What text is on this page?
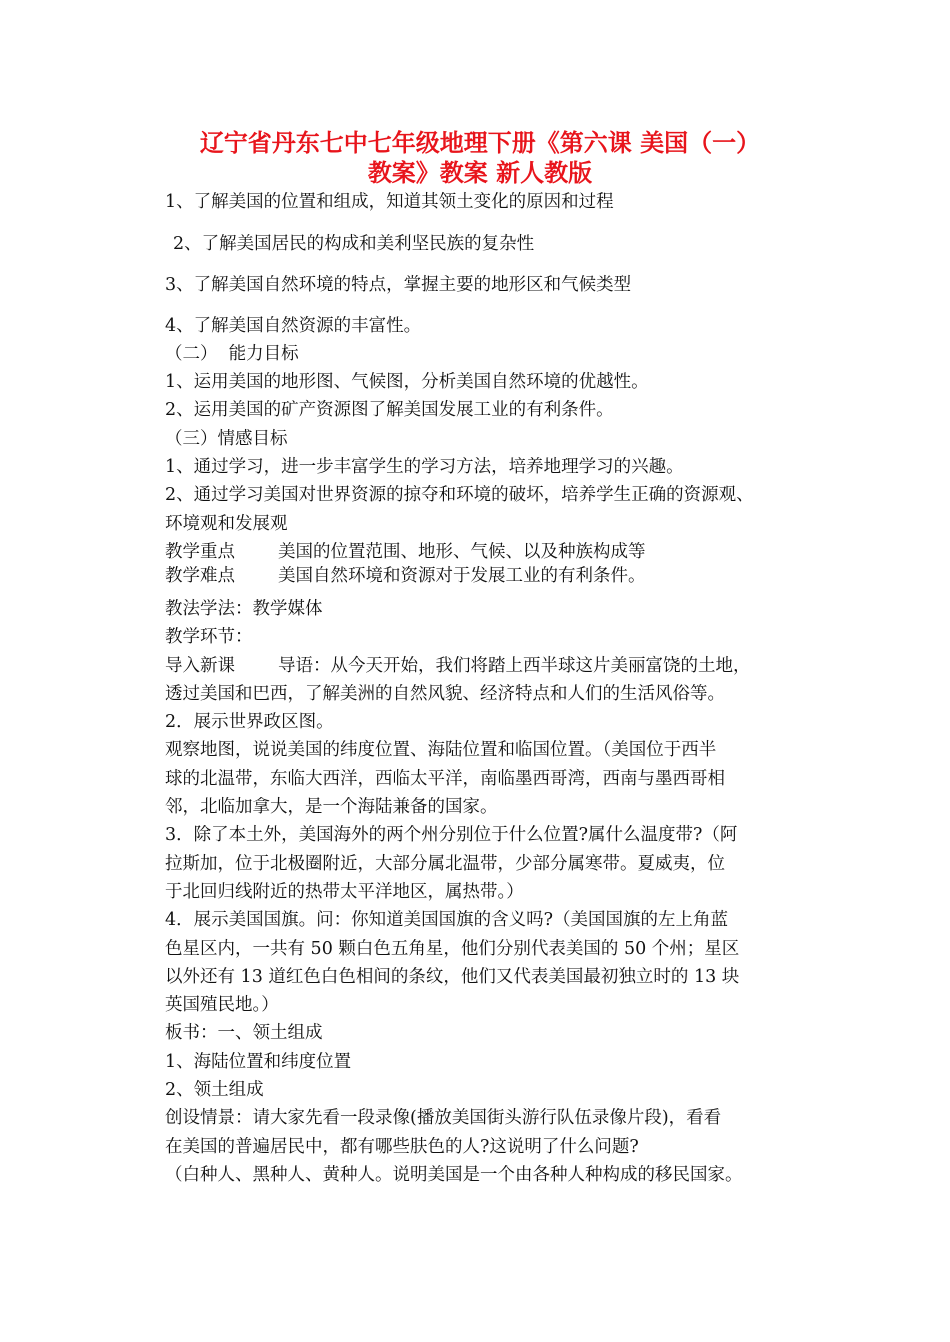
辽宁省丹东七中七年级地理下册《第六课 美国（一）
教案》教案 新人教版
1、了解美国的位置和组成，知道其领土变化的原因和过程
2、了解美国居民的构成和美利坚民族的复杂性
3、了解美国自然环境的特点，掌握主要的地形区和气候类型
4、了解美国自然资源的丰富性。
（二）  能力目标
1、运用美国的地形图、气候图，分析美国自然环境的优越性。
2、运用美国的矿产资源图了解美国发展工业的有利条件。
（三）情感目标
1、通过学习，进一步丰富学生的学习方法，培养地理学习的兴趣。
2、通过学习美国对世界资源的掠夺和环境的破坏，培养学生正确的资源观、
环境观和发展观
教学重点 美国的位置范围、地形、气候、以及种族构成等
教学难点 美国自然环境和资源对于发展工业的有利条件。
教法学法：教学媒体
教学环节：
导入新课 导语：从今天开始，我们将踏上西半球这片美丽富饶的土地，
透过美国和巴西，了解美洲的自然风貌、经济特点和人们的生活风俗等。
2．展示世界政区图。
观察地图，说说美国的纬度位置、海陆位置和临国位置。（美国位于西半
球的北温带，东临大西洋，西临太平洋，南临墨西哥湾，西南与墨西哥相
邻，北临加拿大，是一个海陆兼备的国家。
3．除了本土外，美国海外的两个州分别位于什么位置?属什么温度带?（阿
拉斯加，位于北极圈附近，大部分属北温带，少部分属寒带。夏威夷，位
于北回归线附近的热带太平洋地区，属热带。）
4．展示美国国旗。问：你知道美国国旗的含义吗?（美国国旗的左上角蓝
色星区内，一共有 50 颗白色五角星，他们分别代表美国的 50 个州；星区
以外还有 13 道红色白色相间的条纹，他们又代表美国最初独立时的 13 块
英国殖民地。）
板书：一、领土组成
1、海陆位置和纬度位置
2、领土组成
创设情景：请大家先看一段录像(播放美国街头游行队伍录像片段)，看看
在美国的普遍居民中，都有哪些肤色的人?这说明了什么问题?
（白种人、黑种人、黄种人。说明美国是一个由各种人种构成的移民国家。
